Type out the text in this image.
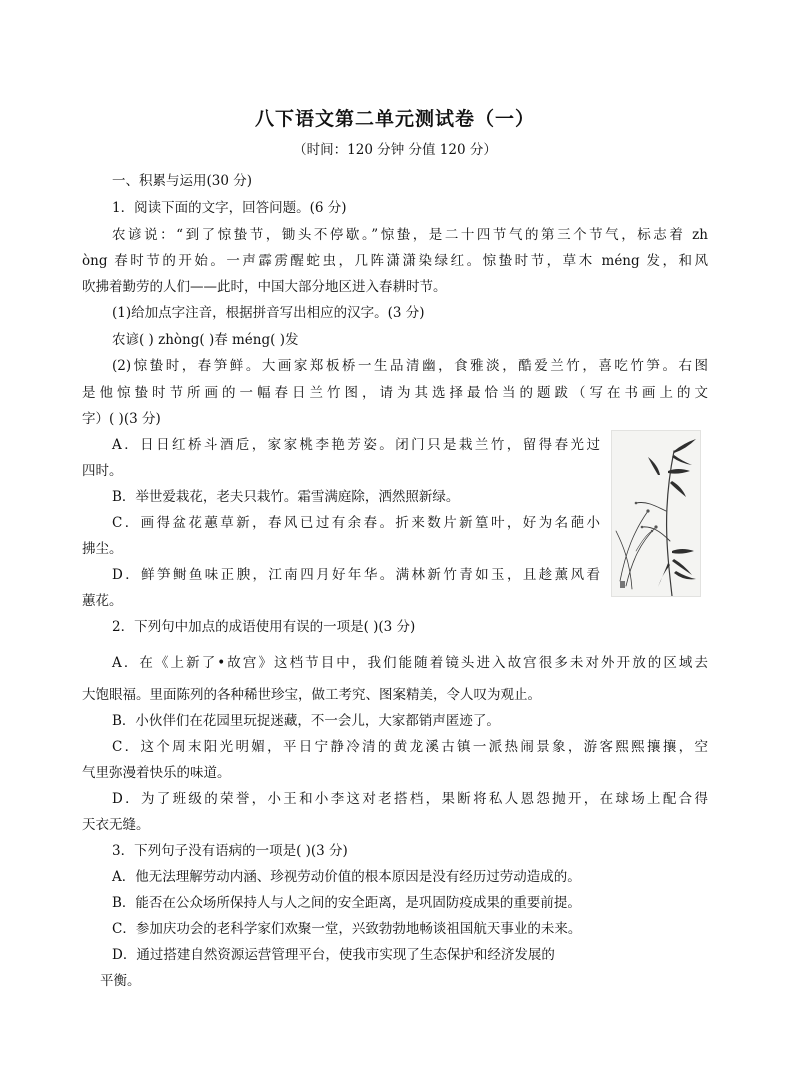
八下语文第二单元测试卷（一）
（时间：120 分钟 分值 120 分）
一、积累与运用(30 分)
1．阅读下面的文字，回答问题。(6 分)
农谚说：“到了惊蛰节，锄头不停歇。”惊蛰，是二十四节气的第三个节气，标志着 zh
òng 春时节的开始。一声霹雳醒蛇虫，几阵潇潇染绿红。惊蛰时节，草木 méng 发，和风
吹拂着勤劳的人们——此时，中国大部分地区进入春耕时节。
(1)给加点字注音，根据拼音写出相应的汉字。(3 分)
农谚( ) zhòng( )春 méng( )发
(2)惊蛰时，春笋鲜。大画家郑板桥一生品清幽，食雅淡，酷爱兰竹，喜吃竹笋。右图
是他惊蛰时节所画的一幅春日兰竹图，请为其选择最恰当的题跋（写在书画上的文
字）( )(3 分)
A．日日红桥斗酒卮，家家桃李艳芳姿。闭门只是栽兰竹，留得春光过
四时。
B．举世爱栽花，老夫只栽竹。霜雪满庭除，洒然照新绿。
C．画得盆花蕙草新，春风已过有余春。折来数片新篁叶，好为名葩小
拂尘。
D．鲜笋鲥鱼味正腴，江南四月好年华。满林新竹青如玉，且趁薰风看
蕙花。
2．下列句中加点的成语使用有误的一项是( )(3 分)
A．在《上新了•故宫》这档节目中，我们能随着镜头进入故宫很多未对外开放的区域去
大饱眼福。里面陈列的各种稀世珍宝，做工考究、图案精美，令人叹为观止。
B．小伙伴们在花园里玩捉迷藏，不一会儿，大家都销声匿迹了。
C．这个周末阳光明媚，平日宁静冷清的黄龙溪古镇一派热闹景象，游客熙熙攘攘，空
气里弥漫着快乐的味道。
D．为了班级的荣誉，小王和小李这对老搭档，果断将私人恩怨抛开，在球场上配合得
天衣无缝。
3．下列句子没有语病的一项是( )(3 分)
A．他无法理解劳动内涵、珍视劳动价值的根本原因是没有经历过劳动造成的。
B．能否在公众场所保持人与人之间的安全距离，是巩固防疫成果的重要前提。
C．参加庆功会的老科学家们欢聚一堂，兴致勃勃地畅谈祖国航天事业的未来。
D．通过搭建自然资源运营管理平台，使我市实现了生态保护和经济发展的
平衡。
